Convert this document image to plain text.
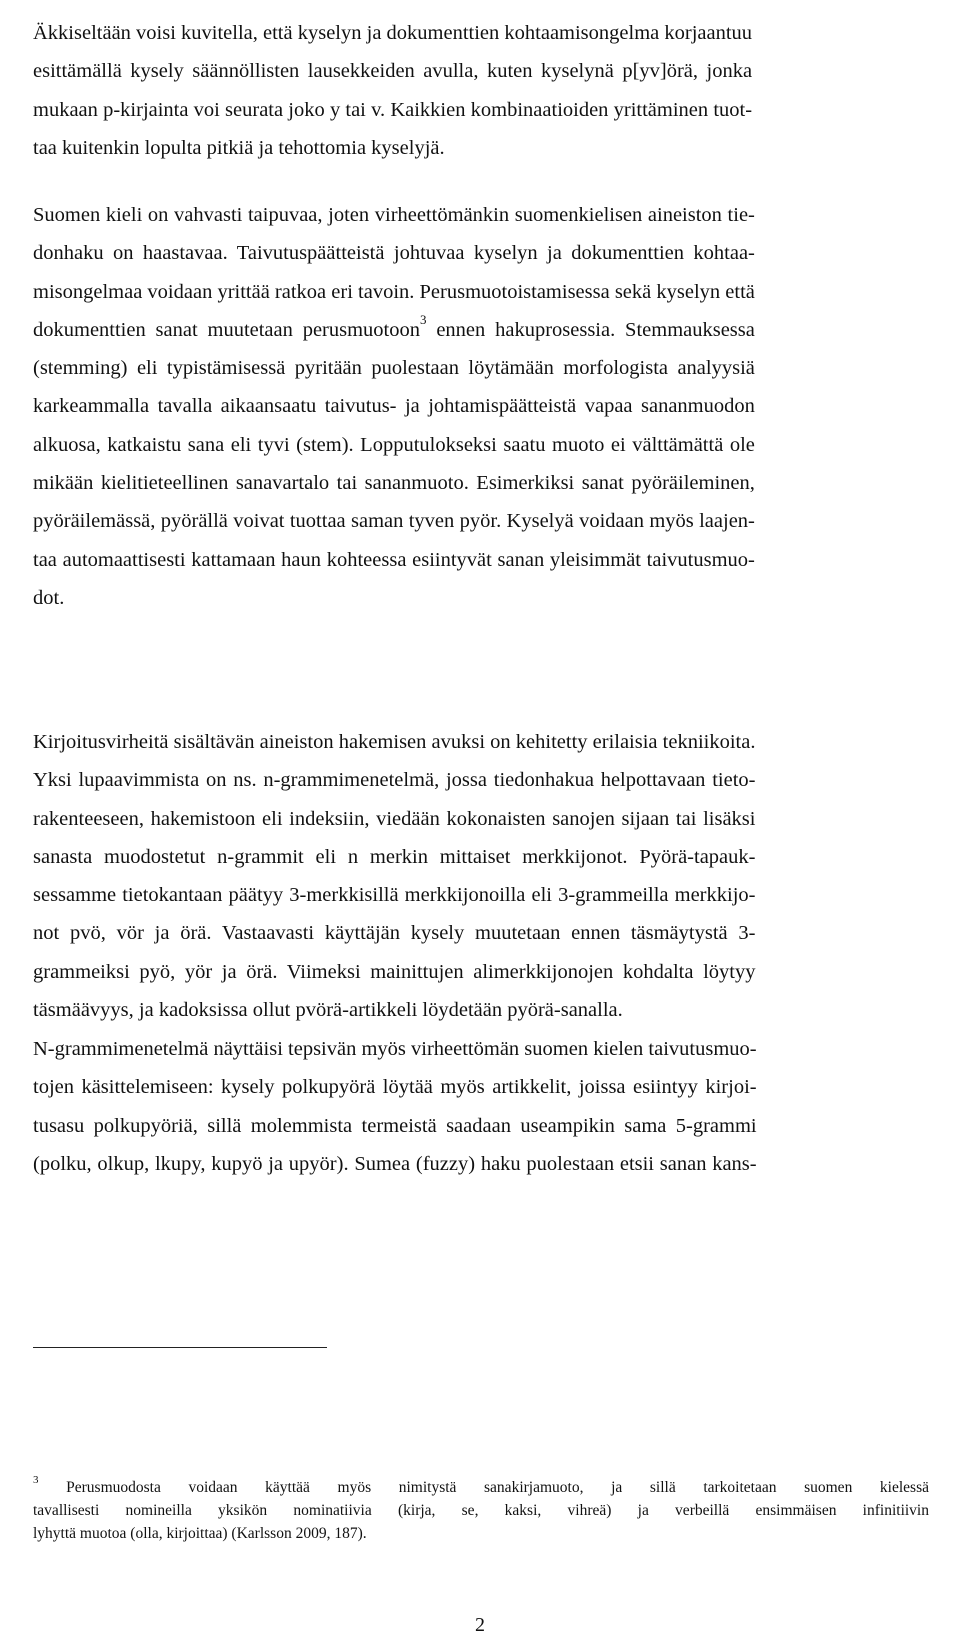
Äkkiseltään voisi kuvitella, että kyselyn ja dokumenttien kohtaamisongelma korjaantuu
esittämällä kysely säännöllisten lausekkeiden avulla, kuten kyselynä p[yv]örä, jonka
mukaan p-kirjainta voi seurata joko y tai v. Kaikkien kombinaatioiden yrittäminen tuot-
taa kuitenkin lopulta pitkiä ja tehottomia kyselyjä.
Suomen kieli on vahvasti taipuvaa, joten virheettömänkin suomenkielisen aineiston tie-
donhaku on haastavaa. Taivutuspäätteistä johtuvaa kyselyn ja dokumenttien kohtaa-
misongelmaa voidaan yrittää ratkoa eri tavoin. Perusmuotoistamisessa sekä kyselyn että
dokumenttien sanat muutetaan perusmuotoon$^3$ ennen hakuprosessia. Stemmauksessa
(stemming) eli typistämisessä pyritään puolestaan löytämään morfologista analyysiä
karkeammalla tavalla aikaansaatu taivutus- ja johtamispäätteistä vapaa sananmuodon
alkuosa, katkaistu sana eli tyvi (stem). Lopputulokseksi saatu muoto ei välttämättä ole
mikään kielitieteellinen sanavartalo tai sananmuoto. Esimerkiksi sanat pyöräileminen,
pyöräilemässä, pyörällä voivat tuottaa saman tyven pyör. Kyselyä voidaan myös laajen-
taa automaattisesti kattamaan haun kohteessa esiintyvät sanan yleisimmät taivutusmuo-
dot.
Kirjoitusvirheitä sisältävän aineiston hakemisen avuksi on kehitetty erilaisia tekniikoita.
Yksi lupaavimmista on ns. n-grammimenetelmä, jossa tiedonhakua helpottavaan tieto-
rakenteeseen, hakemistoon eli indeksiin, viedään kokonaisten sanojen sijaan tai lisäksi
sanasta muodostetut n-grammit eli n merkin mittaiset merkkijonot. Pyörä-tapauk-
sessamme tietokantaan päätyy 3-merkkisillä merkkijonoilla eli 3-grammeilla merkkijo-
not pvö, vör ja örä. Vastaavasti käyttäjän kysely muutetaan ennen täsmäytystä 3-
grammeiksi pyö, yör ja örä. Viimeksi mainittujen alimerkkijonojen kohdalta löytyy
täsmäävyys, ja kadoksissa ollut pvörä-artikkeli löydetään pyörä-sanalla.
N-grammimenetelmä näyttäisi tepsivän myös virheettömän suomen kielen taivutusmuo-
tojen käsittelemiseen: kysely polkupyörä löytää myös artikkelit, joissa esiintyy kirjoi-
tusasu polkupyöriä, sillä molemmista termeistä saadaan useampikin sama 5-grammi
(polku, olkup, lkupy, kupyö ja upyör). Sumea (fuzzy) haku puolestaan etsii sanan kans-
$^3$ Perusmuodosta voidaan käyttää myös nimitystä sanakirjamuoto, ja sillä tarkoitetaan suomen kielessä
tavallisesti nomineilla yksikön nominatiivia (kirja, se, kaksi, vihreä) ja verbeillä ensimmäisen infinitiivin
lyhyttä muotoa (olla, kirjoittaa) (Karlsson 2009, 187).
2
